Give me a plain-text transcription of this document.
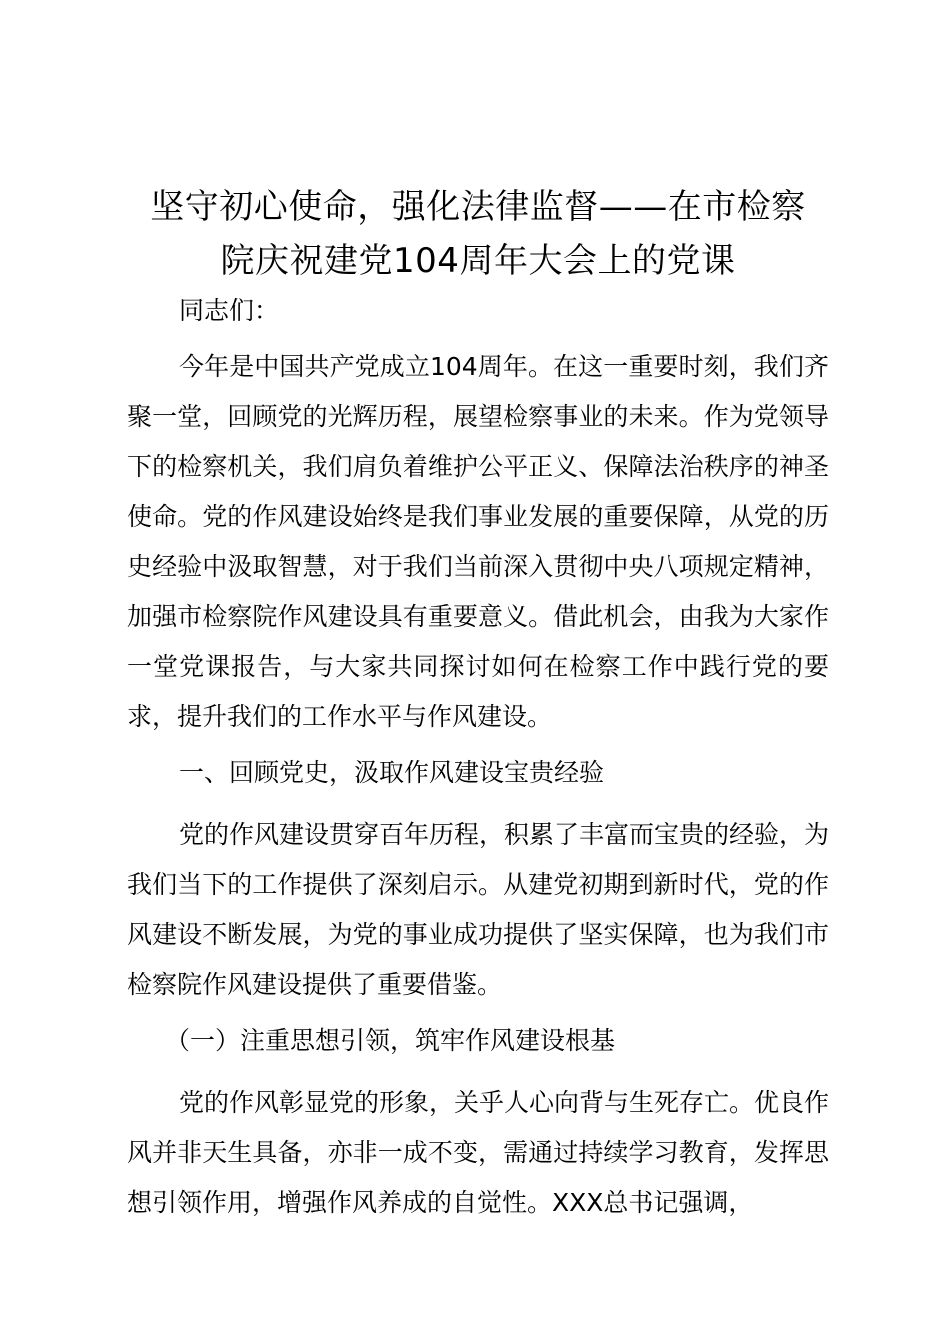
坚守初心使命，强化法律监督——在市检察
院庆祝建党104周年大会上的党课

同志们：

今年是中国共产党成立104周年。在这一重要时刻，我们齐聚一堂，回顾党的光辉历程，展望检察事业的未来。作为党领导下的检察机关，我们肩负着维护公平正义、保障法治秩序的神圣使命。党的作风建设始终是我们事业发展的重要保障，从党的历史经验中汲取智慧，对于我们当前深入贯彻中央八项规定精神，加强市检察院作风建设具有重要意义。借此机会，由我为大家作一堂党课报告，与大家共同探讨如何在检察工作中践行党的要求，提升我们的工作水平与作风建设。

一、回顾党史，汲取作风建设宝贵经验

党的作风建设贯穿百年历程，积累了丰富而宝贵的经验，为我们当下的工作提供了深刻启示。从建党初期到新时代，党的作风建设不断发展，为党的事业成功提供了坚实保障，也为我们市检察院作风建设提供了重要借鉴。

（一）注重思想引领，筑牢作风建设根基

党的作风彰显党的形象，关乎人心向背与生死存亡。优良作风并非天生具备，亦非一成不变，需通过持续学习教育，发挥思想引领作用，增强作风养成的自觉性。XXX总书记强调，
